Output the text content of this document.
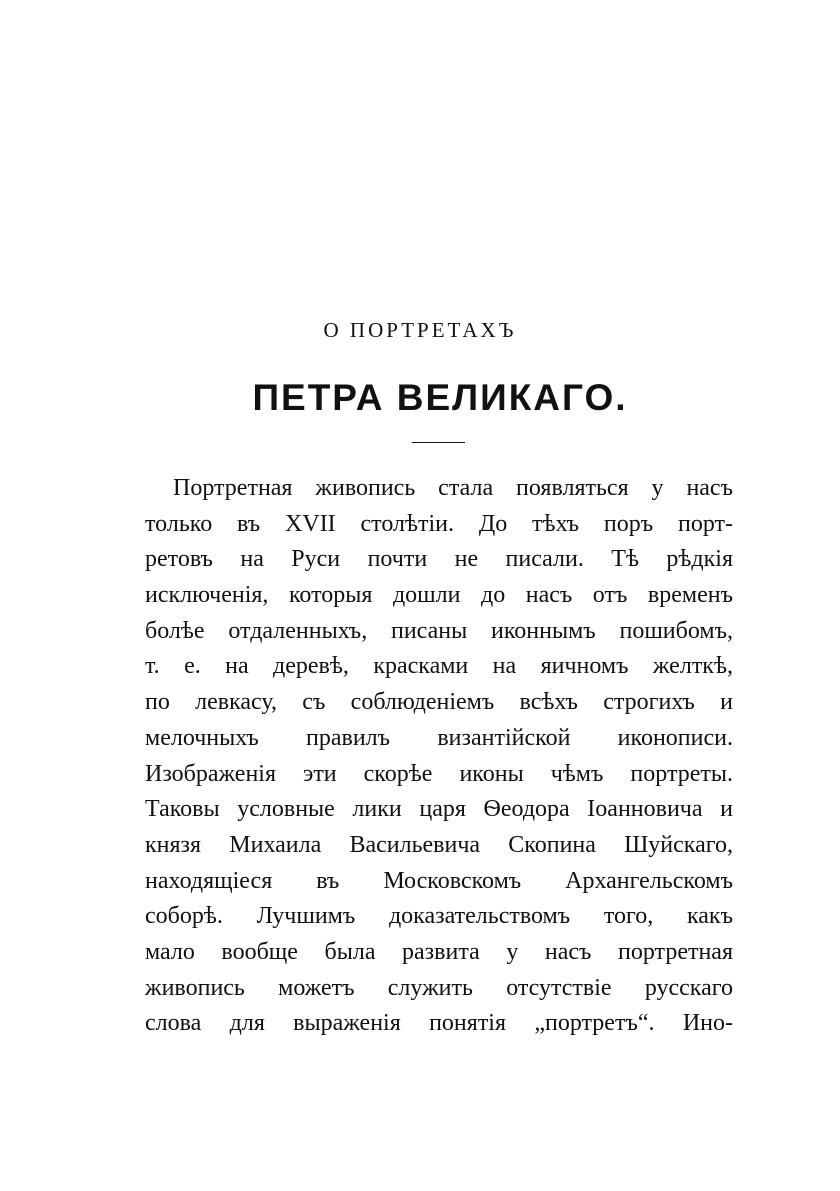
О ПОРТРЕТАХЪ
ПЕТРА ВЕЛИКАГО.
Портретная живопись стала появляться у насъ
только въ XVII столѣтіи. До тѣхъ поръ порт-
ретовъ на Руси почти не писали. Тѣ рѣдкія
исключенія, которыя дошли до насъ отъ временъ
болѣе отдаленныхъ, писаны иконнымъ пошибомъ,
т. е. на деревѣ, красками на яичномъ желткѣ,
по левкасу, съ соблюденіемъ всѣхъ строгихъ и
мелочныхъ правилъ византійской иконописи.
Изображенія эти скорѣе иконы чѣмъ портреты.
Таковы условные лики царя Ѳеодора Іоанновича и
князя Михаила Васильевича Скопина Шуйскаго,
находящіеся въ Московскомъ Архангельскомъ
соборѣ. Лучшимъ доказательствомъ того, какъ
мало вообще была развита у насъ портретная
живопись можетъ служить отсутствіе русскаго
слова для выраженія понятія „портретъ“. Ино-
